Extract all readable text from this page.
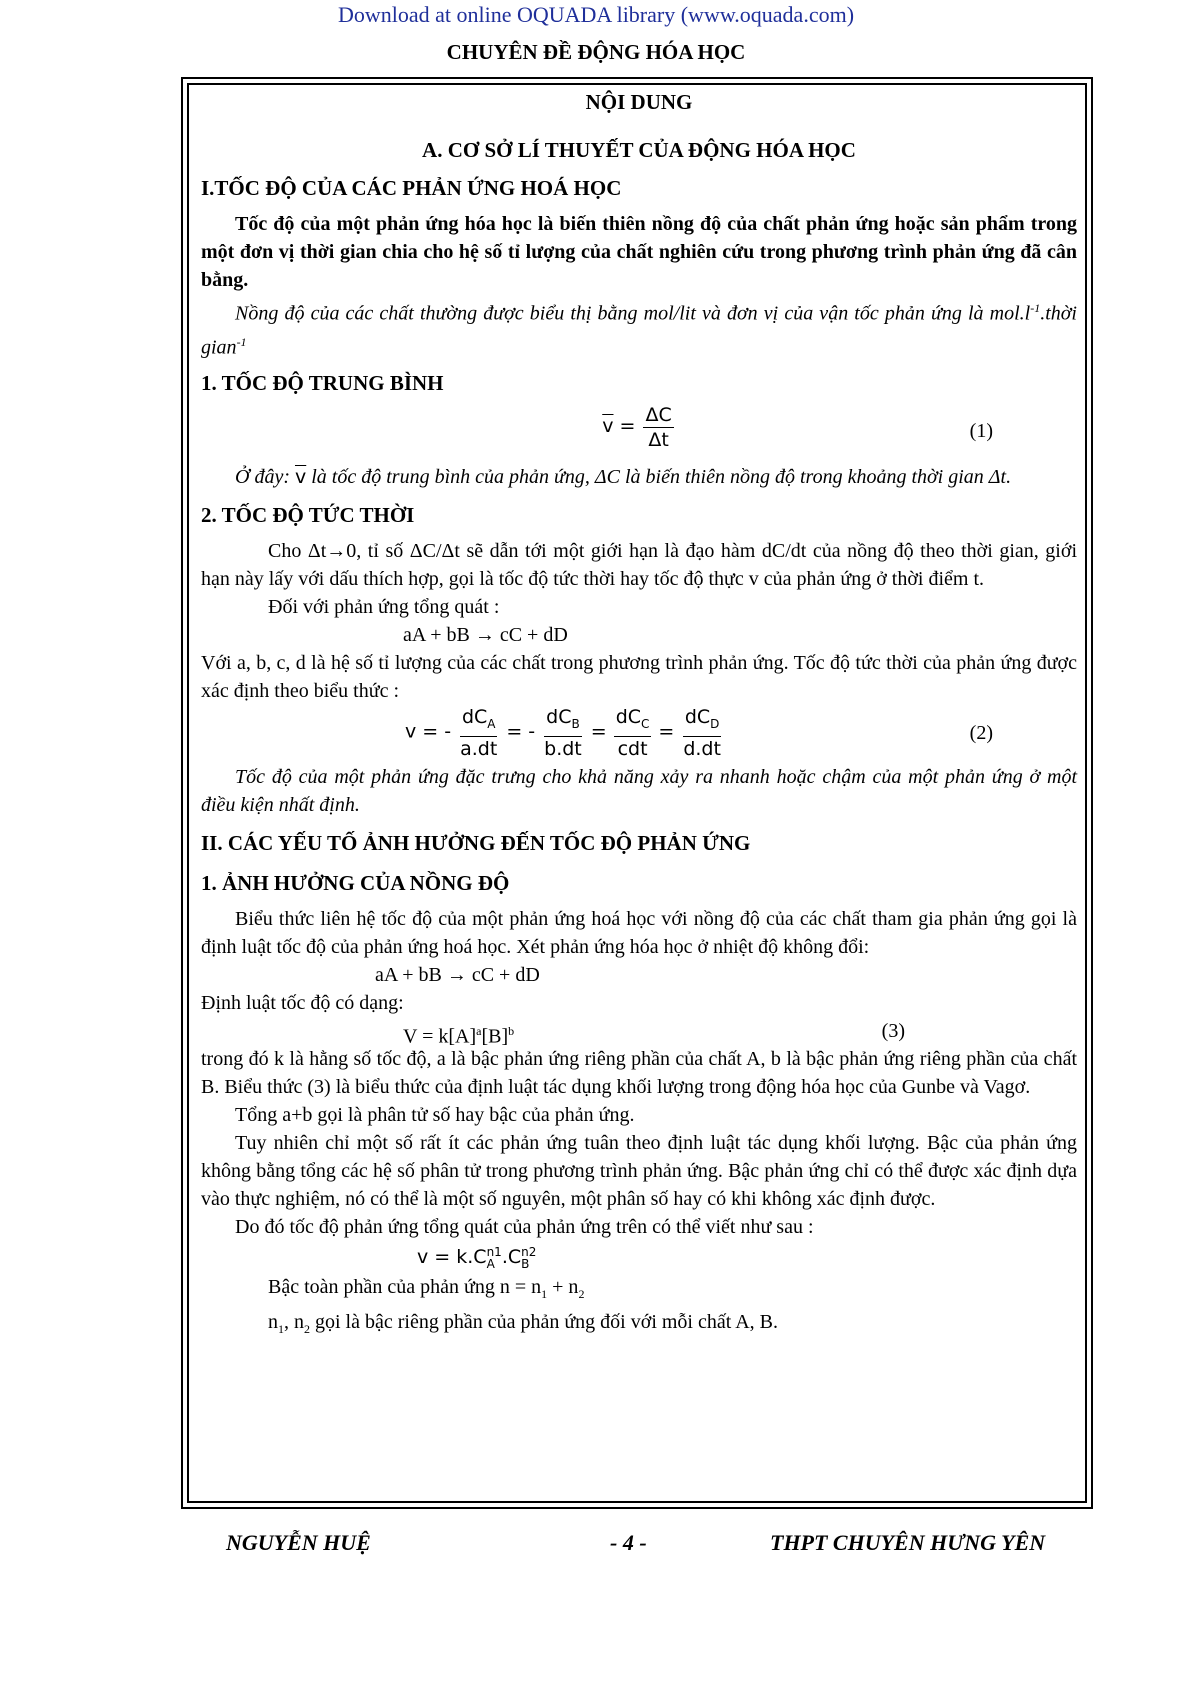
Download at online OQUADA library (www.oquada.com)
CHUYÊN ĐỀ ĐỘNG HÓA HỌC

NỘI DUNG

A. CƠ SỞ LÍ THUYẾT CỦA ĐỘNG HÓA HỌC

I.TỐC ĐỘ CỦA CÁC PHẢN ỨNG HOÁ HỌC

Tốc độ của một phản ứng hóa học là biến thiên nồng độ của chất phản ứng hoặc sản phẩm trong một đơn vị thời gian chia cho hệ số tỉ lượng của chất nghiên cứu trong phương trình phản ứng đã cân bằng.

Nồng độ của các chất thường được biểu thị bằng mol/lit và đơn vị của vận tốc phản ứng là $mol.l^{-1}.thời$ gian$^{-1}$

1. TỐC ĐỘ TRUNG BÌNH

$\overline{v} = \frac{\Delta C}{\Delta t}$	(1)

Ở đây: $\overline{v}$ là tốc độ trung bình của phản ứng, ΔC là biến thiên nồng độ trong khoảng thời gian Δt.

2. TỐC ĐỘ TỨC THỜI

Cho Δt→0, tỉ số ΔC/Δt sẽ dẫn tới một giới hạn là đạo hàm dC/dt của nồng độ theo thời gian, giới hạn này lấy với dấu thích hợp, gọi là tốc độ tức thời hay tốc độ thực v của phản ứng ở thời điểm t.

Đối với phản ứng tổng quát :

aA + bB → cC + dD

Với a, b, c, d là hệ số tỉ lượng của các chất trong phương trình phản ứng. Tốc độ tức thời của phản ứng được xác định theo biểu thức :

v = - $\frac{dC_A}{a.dt}$ = - $\frac{dC_B}{b.dt} = \frac{dC_C}{\text{cdt}} = \frac{dC_D}{d.dt}$	(2)

Tốc độ của một phản ứng đặc trưng cho khả năng xảy ra nhanh hoặc chậm của một phản ứng ở một điều kiện nhất định.

II. CÁC YẾU TỐ ẢNH HƯỞNG ĐẾN TỐC ĐỘ PHẢN ỨNG

1. ẢNH HƯỞNG CỦA NỒNG ĐỘ

Biểu thức liên hệ tốc độ của một phản ứng hoá học với nồng độ của các chất tham gia phản ứng gọi là định luật tốc độ của phản ứng hoá học. Xét phản ứng hóa học ở nhiệt độ không đổi:

aA + bB → cC + dD

Định luật tốc độ có dạng:

$V = k[A]^a[B]^b$	(3)

trong đó k là hằng số tốc độ, a là bậc phản ứng riêng phần của chất A, b là bậc phản ứng riêng phần của chất B. Biểu thức (3) là biểu thức của định luật tác dụng khối lượng trong động hóa học của Gunbe và Vagơ.

Tổng a+b gọi là phân tử số hay bậc của phản ứng.

Tuy nhiên chỉ một số rất ít các phản ứng tuân theo định luật tác dụng khối lượng. Bậc của phản ứng không bằng tổng các hệ số phân tử trong phương trình phản ứng. Bậc phản ứng chỉ có thể được xác định dựa vào thực nghiệm, nó có thể là một số nguyên, một phân số hay có khi không xác định được.

Do đó tốc độ phản ứng tổng quát của phản ứng trên có thể viết như sau :

v = k.C n1
A .C n2
B

Bậc toàn phần của phản ứng $n = n_1 + n_2$

$n_1$, $n_2$ gọi là bậc riêng phần của phản ứng đối với mỗi chất A, B.

NGUYỄN HUỆ	- 4 -	THPT CHUYÊN HƯNG YÊN
